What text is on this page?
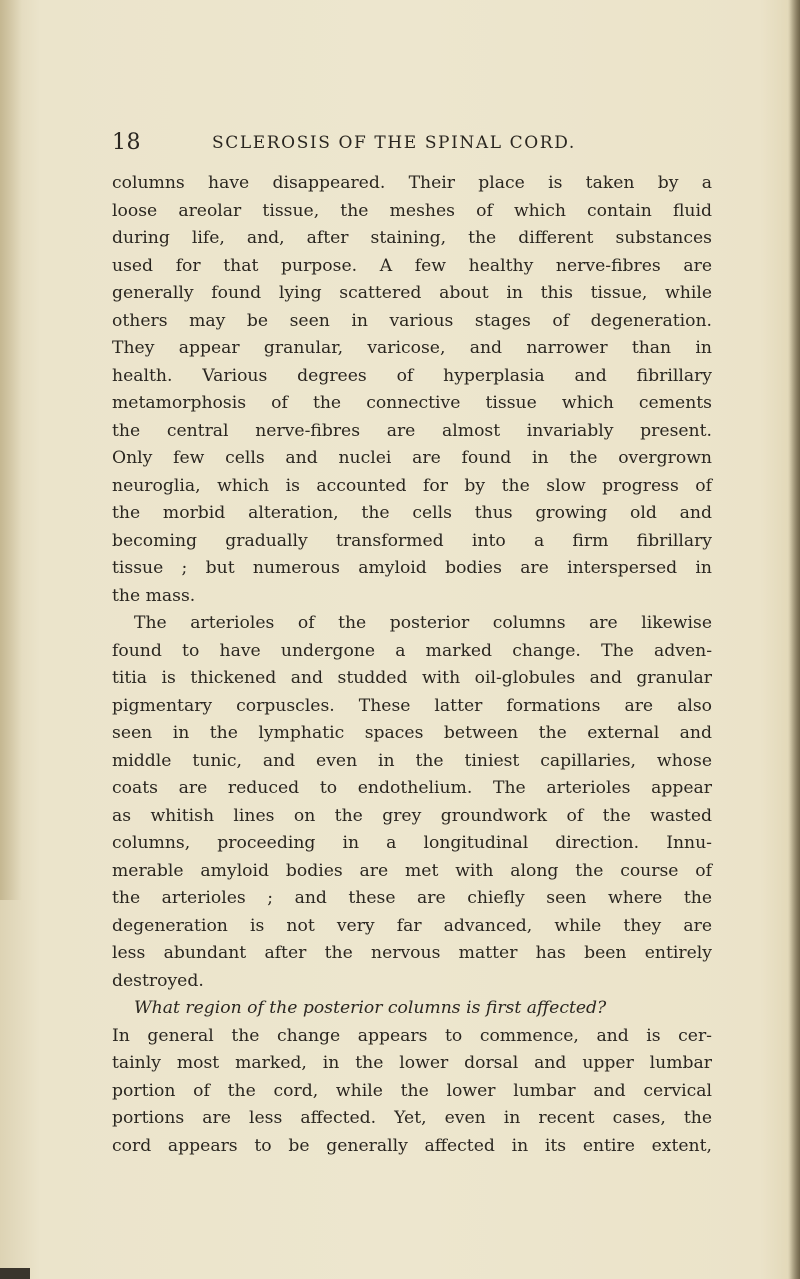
18	SCLEROSIS OF THE SPINAL CORD.
columns have disappeared. Their place is taken by a
loose areolar tissue, the meshes of which contain fluid
during life, and, after staining, the different substances
used for that purpose. A few healthy nerve-fibres are
generally found lying scattered about in this tissue, while
others may be seen in various stages of degeneration.
They appear granular, varicose, and narrower than in
health. Various degrees of hyperplasia and fibrillary
metamorphosis of the connective tissue which cements
the central nerve-fibres are almost invariably present.
Only few cells and nuclei are found in the overgrown
neuroglia, which is accounted for by the slow progress of
the morbid alteration, the cells thus growing old and
becoming gradually transformed into a firm fibrillary
tissue ; but numerous amyloid bodies are interspersed in
the mass.
The arterioles of the posterior columns are likewise
found to have undergone a marked change. The adven-
titia is thickened and studded with oil-globules and granular
pigmentary corpuscles. These latter formations are also
seen in the lymphatic spaces between the external and
middle tunic, and even in the tiniest capillaries, whose
coats are reduced to endothelium. The arterioles appear
as whitish lines on the grey groundwork of the wasted
columns, proceeding in a longitudinal direction. Innu-
merable amyloid bodies are met with along the course of
the arterioles ; and these are chiefly seen where the
degeneration is not very far advanced, while they are
less abundant after the nervous matter has been entirely
destroyed.
What region of the posterior columns is first affected?
In general the change appears to commence, and is cer-
tainly most marked, in the lower dorsal and upper lumbar
portion of the cord, while the lower lumbar and cervical
portions are less affected. Yet, even in recent cases, the
cord appears to be generally affected in its entire extent,
